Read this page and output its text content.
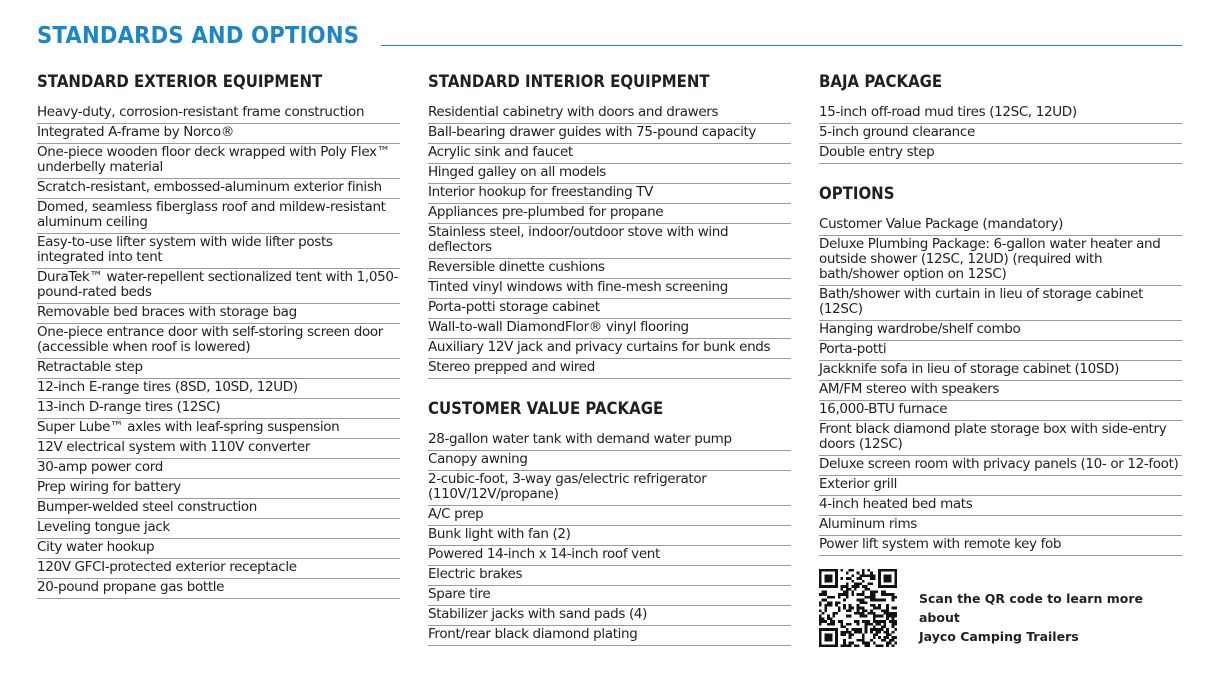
STANDARDS AND OPTIONS
STANDARD EXTERIOR EQUIPMENT
Heavy-duty, corrosion-resistant frame construction
Integrated A-frame by Norco®
One-piece wooden floor deck wrapped with Poly Flex™ underbelly material
Scratch-resistant, embossed-aluminum exterior finish
Domed, seamless fiberglass roof and mildew-resistant aluminum ceiling
Easy-to-use lifter system with wide lifter posts integrated into tent
DuraTek™ water-repellent sectionalized tent with 1,050-pound-rated beds
Removable bed braces with storage bag
One-piece entrance door with self-storing screen door (accessible when roof is lowered)
Retractable step
12-inch E-range tires (8SD, 10SD, 12UD)
13-inch D-range tires (12SC)
Super Lube™ axles with leaf-spring suspension
12V electrical system with 110V converter
30-amp power cord
Prep wiring for battery
Bumper-welded steel construction
Leveling tongue jack
City water hookup
120V GFCI-protected exterior receptacle
20-pound propane gas bottle
STANDARD INTERIOR EQUIPMENT
Residential cabinetry with doors and drawers
Ball-bearing drawer guides with 75-pound capacity
Acrylic sink and faucet
Hinged galley on all models
Interior hookup for freestanding TV
Appliances pre-plumbed for propane
Stainless steel, indoor/outdoor stove with wind deflectors
Reversible dinette cushions
Tinted vinyl windows with fine-mesh screening
Porta-potti storage cabinet
Wall-to-wall DiamondFlor® vinyl flooring
Auxiliary 12V jack and privacy curtains for bunk ends
Stereo prepped and wired
CUSTOMER VALUE PACKAGE
28-gallon water tank with demand water pump
Canopy awning
2-cubic-foot, 3-way gas/electric refrigerator (110V/12V/propane)
A/C prep
Bunk light with fan (2)
Powered 14-inch x 14-inch roof vent
Electric brakes
Spare tire
Stabilizer jacks with sand pads (4)
Front/rear black diamond plating
BAJA PACKAGE
15-inch off-road mud tires (12SC, 12UD)
5-inch ground clearance
Double entry step
OPTIONS
Customer Value Package (mandatory)
Deluxe Plumbing Package: 6-gallon water heater and outside shower (12SC, 12UD) (required with bath/shower option on 12SC)
Bath/shower with curtain in lieu of storage cabinet (12SC)
Hanging wardrobe/shelf combo
Porta-potti
Jackknife sofa in lieu of storage cabinet (10SD)
AM/FM stereo with speakers
16,000-BTU furnace
Front black diamond plate storage box with side-entry doors (12SC)
Deluxe screen room with privacy panels (10- or 12-foot)
Exterior grill
4-inch heated bed mats
Aluminum rims
Power lift system with remote key fob
Scan the QR code to learn more about
Jayco Camping Trailers
